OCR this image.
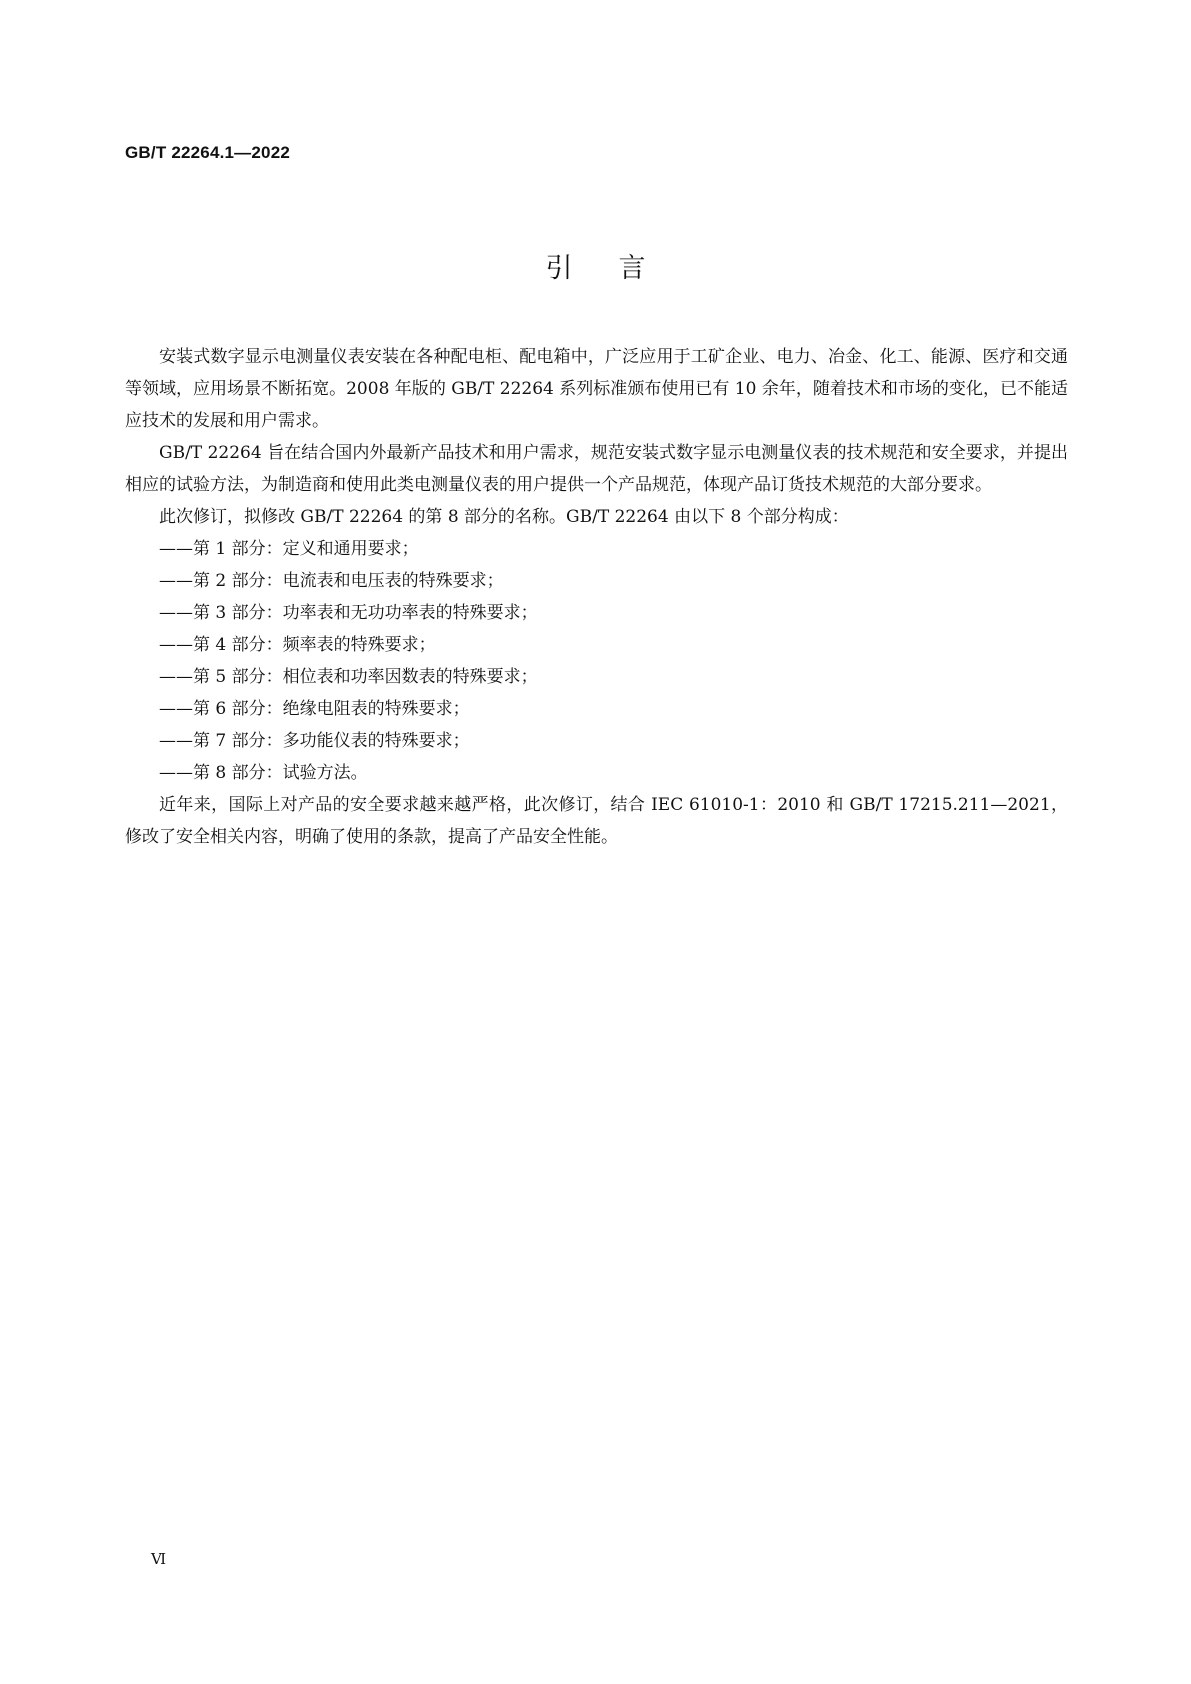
GB/T 22264.1—2022
引言

安装式数字显示电测量仪表安装在各种配电柜、配电箱中，广泛应用于工矿企业、电力、冶金、化工、能源、医疗和交通等领域，应用场景不断拓宽。2008 年版的 GB/T 22264 系列标准颁布使用已有 10 余年，随着技术和市场的变化，已不能适应技术的发展和用户需求。

GB/T 22264 旨在结合国内外最新产品技术和用户需求，规范安装式数字显示电测量仪表的技术规范和安全要求，并提出相应的试验方法，为制造商和使用此类电测量仪表的用户提供一个产品规范，体现产品订货技术规范的大部分要求。

此次修订，拟修改 GB/T 22264 的第 8 部分的名称。GB/T 22264 由以下 8 个部分构成：

——第 1 部分：定义和通用要求；
——第 2 部分：电流表和电压表的特殊要求；
——第 3 部分：功率表和无功功率表的特殊要求；
——第 4 部分：频率表的特殊要求；
——第 5 部分：相位表和功率因数表的特殊要求；
——第 6 部分：绝缘电阻表的特殊要求；
——第 7 部分：多功能仪表的特殊要求；
——第 8 部分：试验方法。

近年来，国际上对产品的安全要求越来越严格，此次修订，结合 IEC 61010-1：2010 和 GB/T 17215.211—2021，修改了安全相关内容，明确了使用的条款，提高了产品安全性能。

Ⅵ
